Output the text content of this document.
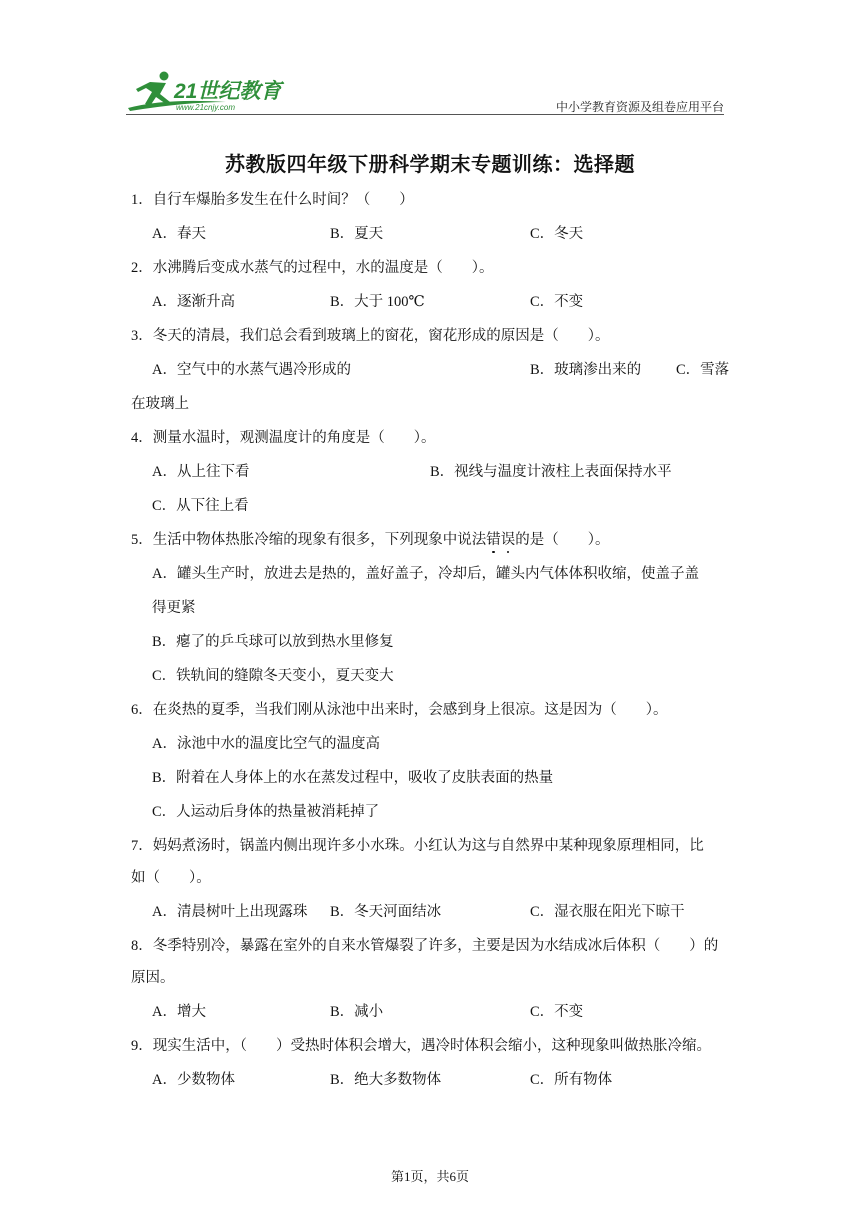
21世纪教育
www.21cnjy.com	中小学教育资源及组卷应用平台
苏教版四年级下册科学期末专题训练：选择题
1．自行车爆胎多发生在什么时间？（　　）
A．春天	B．夏天	C．冬天
2．水沸腾后变成水蒸气的过程中，水的温度是（　　）。
A．逐渐升高	B．大于 100℃	C．不变
3．冬天的清晨，我们总会看到玻璃上的窗花，窗花形成的原因是（　　）。
A．空气中的水蒸气遇冷形成的	B．玻璃渗出来的 C．雪落
在玻璃上
4．测量水温时，观测温度计的角度是（　　）。
A．从上往下看	B．视线与温度计液柱上表面保持水平
C．从下往上看
5．生活中物体热胀冷缩的现象有很多，下列现象中说法错误的是（　　）。
A．罐头生产时，放进去是热的，盖好盖子，冷却后，罐头内气体体积收缩，使盖子盖
得更紧
B．瘪了的乒乓球可以放到热水里修复
C．铁轨间的缝隙冬天变小，夏天变大
6．在炎热的夏季，当我们刚从泳池中出来时，会感到身上很凉。这是因为（　　）。
A．泳池中水的温度比空气的温度高
B．附着在人身体上的水在蒸发过程中，吸收了皮肤表面的热量
C．人运动后身体的热量被消耗掉了
7．妈妈煮汤时，锅盖内侧出现许多小水珠。小红认为这与自然界中某种现象原理相同，比
如（　　）。
A．清晨树叶上出现露珠 B．冬天河面结冰	C．湿衣服在阳光下晾干
8．冬季特别冷，暴露在室外的自来水管爆裂了许多，主要是因为水结成冰后体积（　　）的
原因。
A．增大	B．减小	C．不变
9．现实生活中，（　　）受热时体积会增大，遇冷时体积会缩小，这种现象叫做热胀冷缩。
A．少数物体	B．绝大多数物体	C．所有物体
第1页，共6页
